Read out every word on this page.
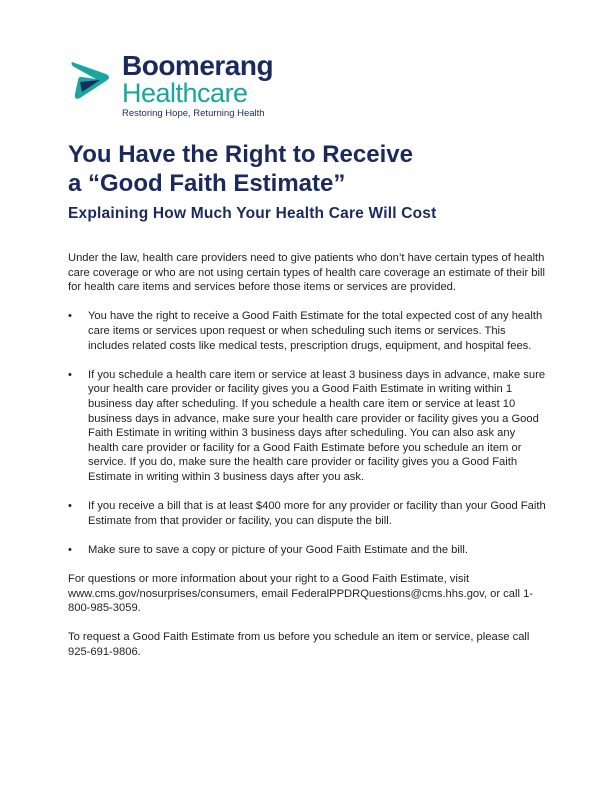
Boomerang
Healthcare
Restoring Hope, Returning Health
You Have the Right to Receive
a “Good Faith Estimate”
Explaining How Much Your Health Care Will Cost

Under the law, health care providers need to give patients who don’t have certain types of health care coverage or who are not using certain types of health care coverage an estimate of their bill for health care items and services before those items or services are provided.

• You have the right to receive a Good Faith Estimate for the total expected cost of any health care items or services upon request or when scheduling such items or services. This includes related costs like medical tests, prescription drugs, equipment, and hospital fees.
• If you schedule a health care item or service at least 3 business days in advance, make sure your health care provider or facility gives you a Good Faith Estimate in writing within 1 business day after scheduling. If you schedule a health care item or service at least 10 business days in advance, make sure your health care provider or facility gives you a Good Faith Estimate in writing within 3 business days after scheduling. You can also ask any health care provider or facility for a Good Faith Estimate before you schedule an item or service. If you do, make sure the health care provider or facility gives you a Good Faith Estimate in writing within 3 business days after you ask.
• If you receive a bill that is at least $400 more for any provider or facility than your Good Faith Estimate from that provider or facility, you can dispute the bill.
• Make sure to save a copy or picture of your Good Faith Estimate and the bill.

For questions or more information about your right to a Good Faith Estimate, visit www.cms.gov/nosurprises/consumers, email FederalPPDRQuestions@cms.hhs.gov, or call 1-800-985-3059.

To request a Good Faith Estimate from us before you schedule an item or service, please call 925-691-9806.
